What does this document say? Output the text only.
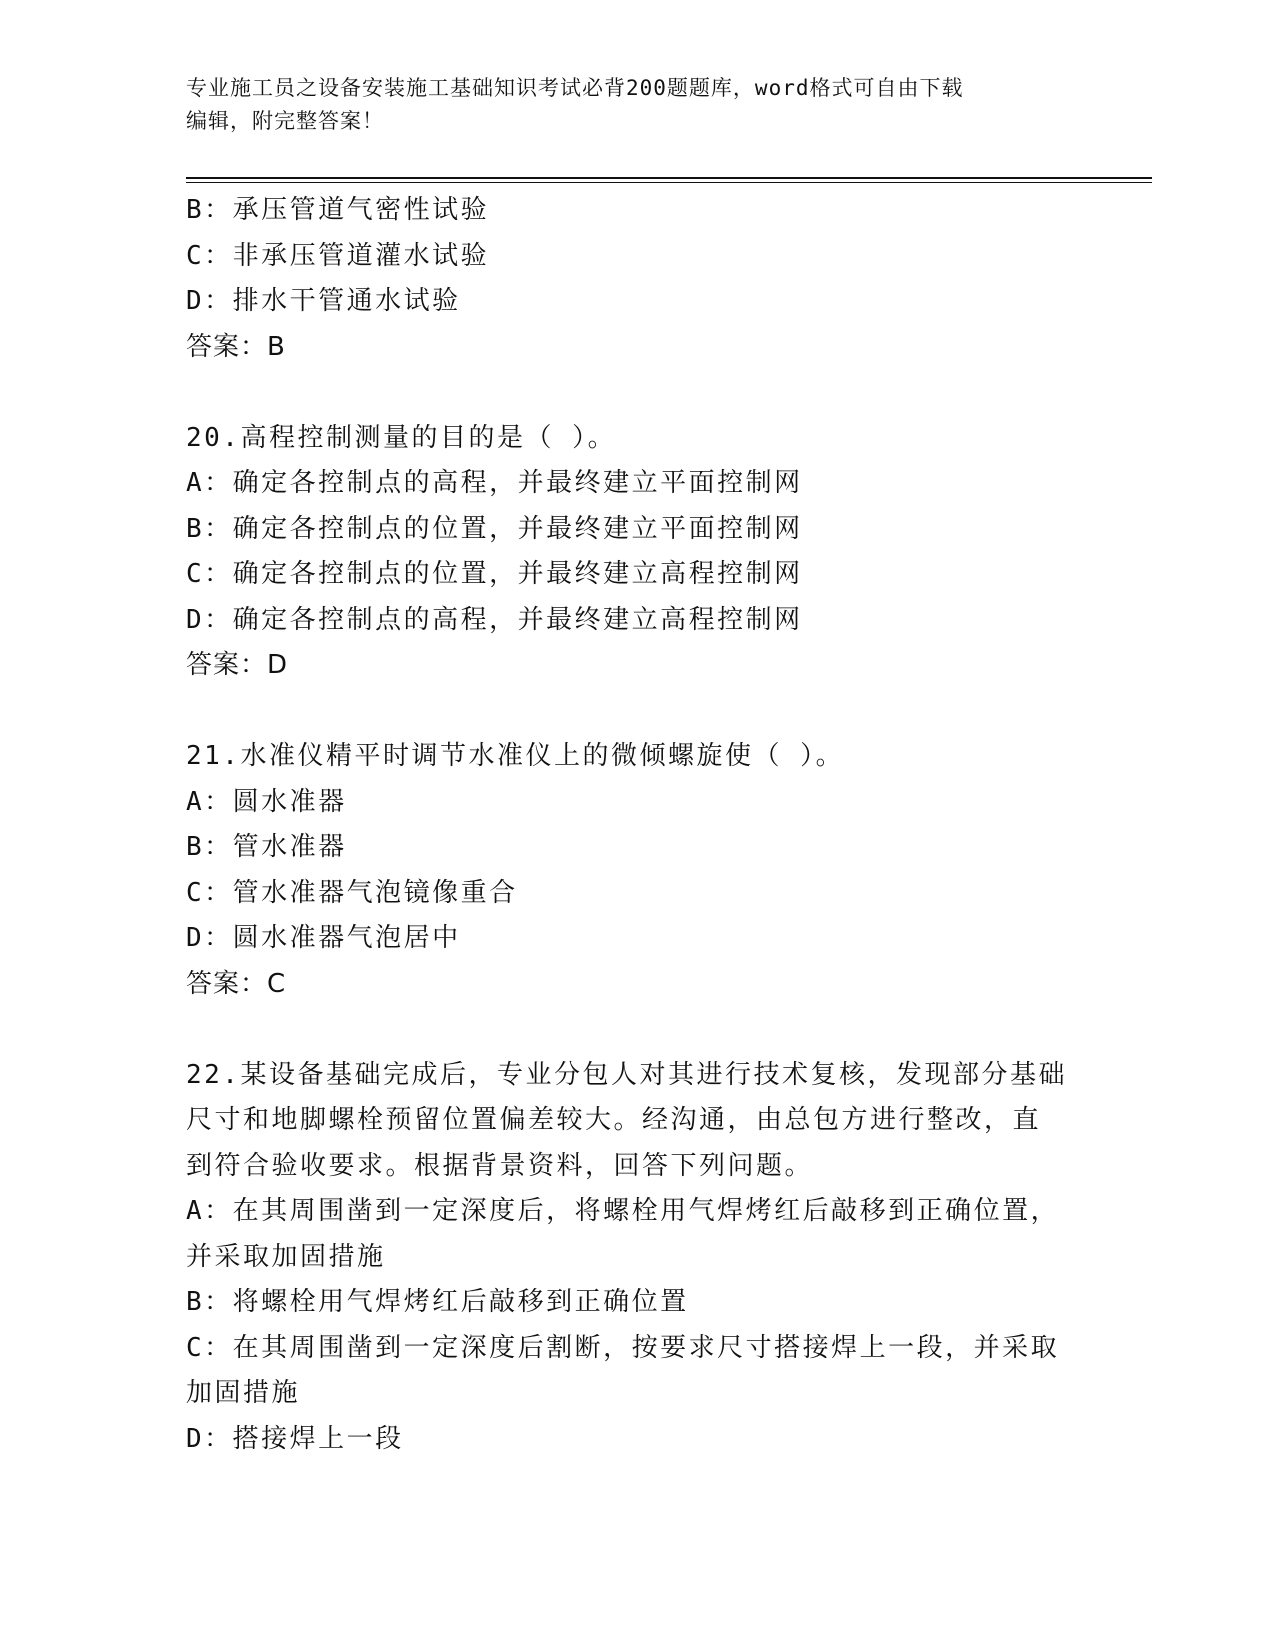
专业施工员之设备安装施工基础知识考试必背200题题库，word格式可自由下载
编辑，附完整答案！
B：承压管道气密性试验
C：非承压管道灌水试验
D：排水干管通水试验
答案：B
20.高程控制测量的目的是（ ）。
A：确定各控制点的高程，并最终建立平面控制网
B：确定各控制点的位置，并最终建立平面控制网
C：确定各控制点的位置，并最终建立高程控制网
D：确定各控制点的高程，并最终建立高程控制网
答案：D
21.水准仪精平时调节水准仪上的微倾螺旋使（ ）。
A：圆水准器
B：管水准器
C：管水准器气泡镜像重合
D：圆水准器气泡居中
答案：C
22.某设备基础完成后，专业分包人对其进行技术复核，发现部分基础
尺寸和地脚螺栓预留位置偏差较大。经沟通，由总包方进行整改，直
到符合验收要求。根据背景资料，回答下列问题。
A：在其周围凿到一定深度后，将螺栓用气焊烤红后敲移到正确位置，
并采取加固措施
B：将螺栓用气焊烤红后敲移到正确位置
C：在其周围凿到一定深度后割断，按要求尺寸搭接焊上一段，并采取
加固措施
D：搭接焊上一段
